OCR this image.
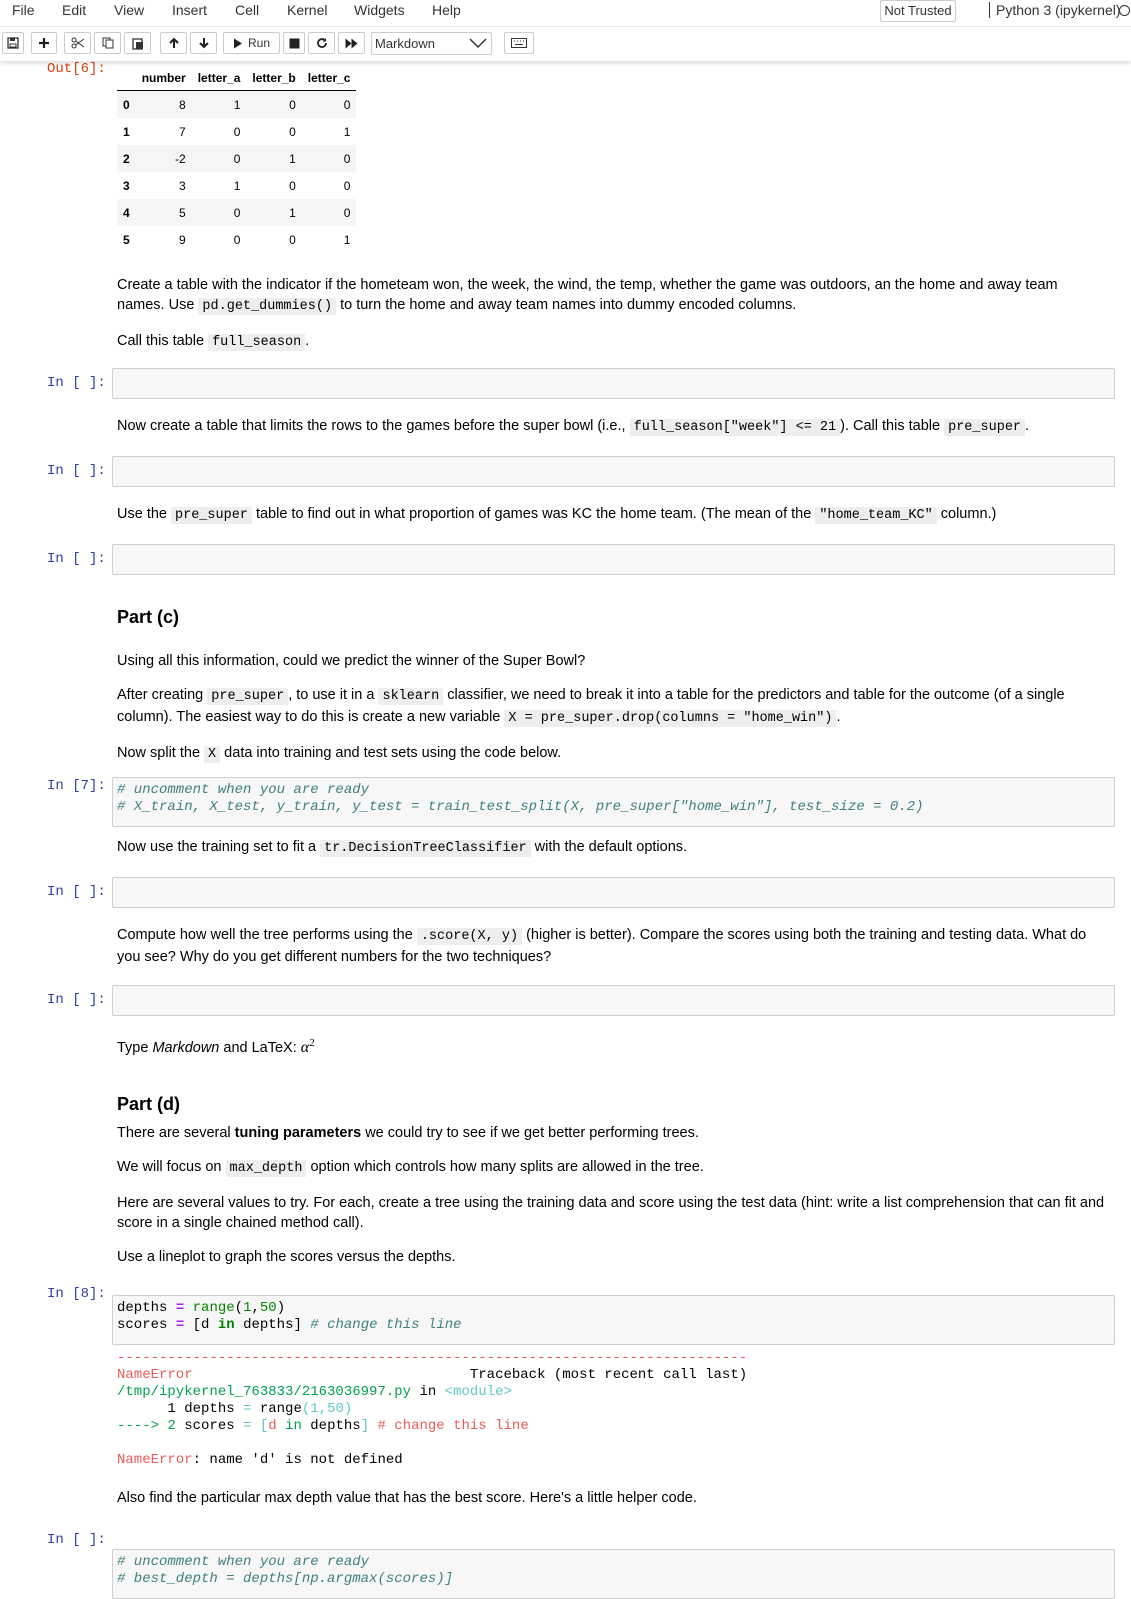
File Edit View Insert Cell Kernel Widgets Help	Not Trusted	Python 3 (ipykernel)
Run	Markdown
Out[6]:
	number	letter_a	letter_b	letter_c
0	8	1	0	0
1	7	0	0	1
2	-2	0	1	0
3	3	1	0	0
4	5	0	1	0
5	9	0	0	1

Create a table with the indicator if the hometeam won, the week, the wind, the temp, whether the game was outdoors, an the home and away team names. Use pd.get_dummies() to turn the home and away team names into dummy encoded columns.

Call this table full_season .

In [ ]:

Now create a table that limits the rows to the games before the super bowl (i.e., full_season["week"] <= 21 ). Call this table pre_super .

In [ ]:

Use the pre_super table to find out in what proportion of games was KC the home team. (The mean of the "home_team_KC" column.)

In [ ]:
Part (c)

Using all this information, could we predict the winner of the Super Bowl?

After creating pre_super , to use it in a sklearn classifier, we need to break it into a table for the predictors and table for the outcome (of a single column). The easiest way to do this is create a new variable X = pre_super.drop(columns = "home_win") .

Now split the X data into training and test sets using the code below.

In [7]: # uncomment when you are ready
# X_train, X_test, y_train, y_test = train_test_split(X, pre_super["home_win"], test_size = 0.2)

Now use the training set to fit a tr.DecisionTreeClassifier with the default options.

In [ ]:

Compute how well the tree performs using the .score(X, y) (higher is better). Compare the scores using both the training and testing data. What do you see? Why do you get different numbers for the two techniques?

In [ ]:

Type Markdown and LaTeX: $\alpha^2$

Part (d)

There are several tuning parameters we could try to see if we get better performing trees.

We will focus on max_depth option which controls how many splits are allowed in the tree.

Here are several values to try. For each, create a tree using the training data and score using the test data (hint: write a list comprehension that can fit and score in a single chained method call).

Use a lineplot to graph the scores versus the depths.

In [8]:
depths = range(1,50)
scores = [d in depths] # change this line
---------------------------------------------------------------------------
NameError                                 Traceback (most recent call last)
/tmp/ipykernel_763833/2163036997.py in <module>
1 depths = range(1,50)
----> 2 scores = [d in depths] # change this line

NameError: name 'd' is not defined

Also find the particular max depth value that has the best score. Here's a little helper code.

In [ ]:
# uncomment when you are ready
# best_depth = depths[np.argmax(scores)]
